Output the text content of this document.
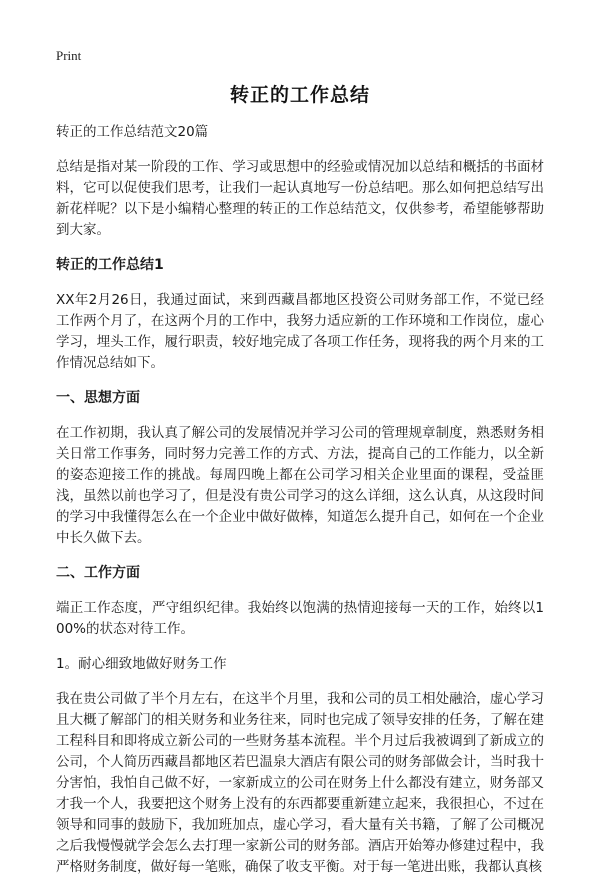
Print
转正的工作总结

转正的工作总结范文20篇

总结是指对某一阶段的工作、学习或思想中的经验或情况加以总结和概括的书面材料，它可以促使我们思考，让我们一起认真地写一份总结吧。那么如何把总结写出新花样呢？以下是小编精心整理的转正的工作总结范文，仅供参考，希望能够帮助到大家。

转正的工作总结1

XX年2月26日，我通过面试，来到西藏昌都地区投资公司财务部工作，不觉已经工作两个月了，在这两个月的工作中，我努力适应新的工作环境和工作岗位，虚心学习，埋头工作，履行职责，较好地完成了各项工作任务，现将我的两个月来的工作情况总结如下。

一、思想方面

在工作初期，我认真了解公司的发展情况并学习公司的管理规章制度，熟悉财务相关日常工作事务，同时努力完善工作的方式、方法，提高自己的工作能力，以全新的姿态迎接工作的挑战。每周四晚上都在公司学习相关企业里面的课程，受益匪浅，虽然以前也学习了，但是没有贵公司学习的这么详细，这么认真，从这段时间的学习中我懂得怎么在一个企业中做好做棒，知道怎么提升自己，如何在一个企业中长久做下去。

二、工作方面

端正工作态度，严守组织纪律。我始终以饱满的热情迎接每一天的工作，始终以100%的状态对待工作。

1。耐心细致地做好财务工作

我在贵公司做了半个月左右，在这半个月里，我和公司的员工相处融洽，虚心学习且大概了解部门的相关财务和业务往来，同时也完成了领导安排的任务，了解在建工程科目和即将成立新公司的一些财务基本流程。半个月过后我被调到了新成立的公司，个人简历西藏昌都地区若巴温泉大酒店有限公司的财务部做会计，当时我十分害怕，我怕自己做不好，一家新成立的公司在财务上什么都没有建立，财务部又才我一个人，我要把这个财务上没有的东西都要重新建立起来，我很担心，不过在领导和同事的鼓励下，我加班加点，虚心学习，看大量有关书籍，了解了公司概况之后我慢慢就学会怎么去打理一家新公司的财务部。酒店开始筹办修建过程中，我严格财务制度，做好每一笔账，确保了收支平衡。对于每一笔进出账，我都认真核
